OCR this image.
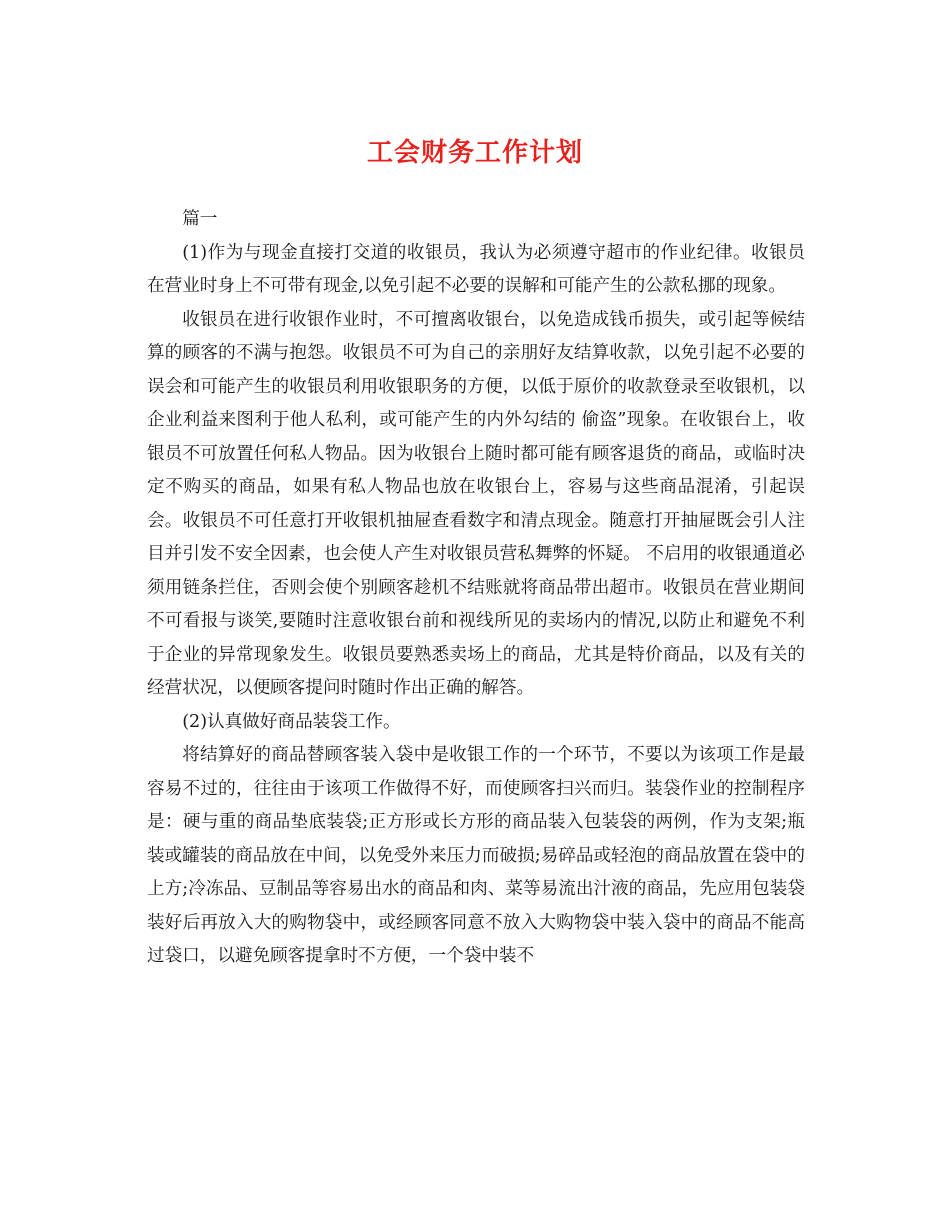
工会财务工作计划

篇一

(1)作为与现金直接打交道的收银员，我认为必须遵守超市的作业纪律。收银员在营业时身上不可带有现金,以免引起不必要的误解和可能产生的公款私挪的现象。

收银员在进行收银作业时，不可擅离收银台，以免造成钱币损失，或引起等候结算的顾客的不满与抱怨。收银员不可为自己的亲朋好友结算收款，以免引起不必要的误会和可能产生的收银员利用收银职务的方便，以低于原价的收款登录至收银机，以企业利益来图利于他人私利，或可能产生的内外勾结的 偷盗”现象。在收银台上，收银员不可放置任何私人物品。因为收银台上随时都可能有顾客退货的商品，或临时决定不购买的商品，如果有私人物品也放在收银台上，容易与这些商品混淆，引起误会。收银员不可任意打开收银机抽屉查看数字和清点现金。随意打开抽屉既会引人注目并引发不安全因素，也会使人产生对收银员营私舞弊的怀疑。 不启用的收银通道必须用链条拦住，否则会使个别顾客趁机不结账就将商品带出超市。收银员在营业期间不可看报与谈笑,要随时注意收银台前和视线所见的卖场内的情况,以防止和避免不利于企业的异常现象发生。收银员要熟悉卖场上的商品，尤其是特价商品，以及有关的经营状况，以便顾客提问时随时作出正确的解答。

(2)认真做好商品装袋工作。

将结算好的商品替顾客装入袋中是收银工作的一个环节，不要以为该项工作是最容易不过的，往往由于该项工作做得不好，而使顾客扫兴而归。装袋作业的控制程序是：硬与重的商品垫底装袋;正方形或长方形的商品装入包装袋的两例，作为支架;瓶装或罐装的商品放在中间，以免受外来压力而破损;易碎品或轻泡的商品放置在袋中的上方;冷冻品、豆制品等容易出水的商品和肉、菜等易流出汁液的商品，先应用包装袋装好后再放入大的购物袋中，或经顾客同意不放入大购物袋中装入袋中的商品不能高过袋口，以避免顾客提拿时不方便，一个袋中装不
